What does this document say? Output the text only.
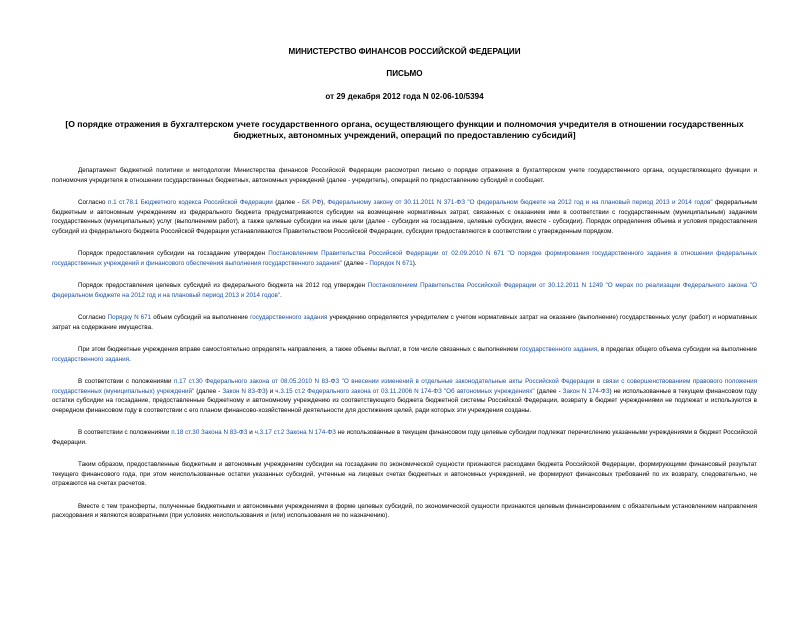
МИНИСТЕРСТВО ФИНАНСОВ РОССИЙСКОЙ ФЕДЕРАЦИИ
ПИСЬМО
от 29 декабря 2012 года N 02-06-10/5394
[О порядке отражения в бухгалтерском учете государственного органа, осуществляющего функции и полномочия учредителя в отношении государственных бюджетных, автономных учреждений, операций по предоставлению субсидий]

Департамент бюджетной политики и методологии Министерства финансов Российской Федерации рассмотрел письмо о порядке отражения в бухгалтерском учете государственного органа, осуществляющего функции и полномочия учредителя в отношении государственных бюджетных, автономных учреждений (далее - учредитель), операций по предоставлению субсидий и сообщает.

Согласно п.1 ст.78.1 Бюджетного кодекса Российской Федерации (далее - БК РФ), Федеральному закону от 30.11.2011 N 371-ФЗ "О федеральном бюджете на 2012 год и на плановый период 2013 и 2014 годов" федеральным бюджетным и автономным учреждениям из федерального бюджета предусматриваются субсидии на возмещение нормативных затрат, связанных с оказанием ими в соответствии с государственным (муниципальным) заданием государственных (муниципальных) услуг (выполнением работ), а также целевые субсидии на иные цели (далее - субсидии на госзадание, целевые субсидии, вместе - субсидии). Порядок определения объема и условия предоставления субсидий из федерального бюджета Российской Федерации устанавливаются Правительством Российской Федерации, субсидии предоставляются в соответствии с утвержденным порядком.

Порядок предоставления субсидии на госзадание утвержден Постановлением Правительства Российской Федерации от 02.09.2010 N 671 "О порядке формирования государственного задания в отношении федеральных государственных учреждений и финансового обеспечения выполнения государственного задания" (далее - Порядок N 671).

Порядок предоставления целевых субсидий из федерального бюджета на 2012 год утвержден Постановлением Правительства Российской Федерации от 30.12.2011 N 1249 "О мерах по реализации Федерального закона "О федеральном бюджете на 2012 год и на плановый период 2013 и 2014 годов".

Согласно Порядку N 671 объем субсидий на выполнение государственного задания учреждению определяется учредителем с учетом нормативных затрат на оказание (выполнение) государственных услуг (работ) и нормативных затрат на содержание имущества.

При этом бюджетные учреждения вправе самостоятельно определять направления, а также объемы выплат, в том числе связанных с выполнением государственного задания, в пределах общего объема субсидии на выполнение государственного задания.

В соответствии с положениями п.17 ст.30 Федерального закона от 08.05.2010 N 83-ФЗ "О внесении изменений в отдельные законодательные акты Российской Федерации в связи с совершенствованием правового положения государственных (муниципальных) учреждений" (далее - Закон N 83-ФЗ) и ч.3.15 ст.2 Федерального закона от 03.11.2006 N 174-ФЗ "Об автономных учреждениях" (далее - Закон N 174-ФЗ) не использованные в текущем финансовом году остатки субсидии на госзадание, предоставленные бюджетному и автономному учреждению из соответствующего бюджета бюджетной системы Российской Федерации, возврату в бюджет учреждениями не подлежат и используются в очередном финансовом году в соответствии с его планом финансово-хозяйственной деятельности для достижения целей, ради которых эти учреждения созданы.

В соответствии с положениями п.18 ст.30 Закона N 83-ФЗ и ч.3.17 ст.2 Закона N 174-ФЗ не использованные в текущем финансовом году целевые субсидии подлежат перечислению указанными учреждениями в бюджет Российской Федерации.

Таким образом, предоставленные бюджетным и автономным учреждениям субсидии на госзадание по экономической сущности признаются расходами бюджета Российской Федерации, формирующими финансовый результат текущего финансового года, при этом неиспользованные остатки указанных субсидий, учтенные на лицевых счетах бюджетных и автономных учреждений, не формируют финансовых требований по их возврату, следовательно, не отражаются на счетах расчетов.

Вместе с тем трансферты, полученные бюджетными и автономными учреждениями в форме целевых субсидий, по экономической сущности признаются целевым финансированием с обязательным установлением направления расходования и являются возвратными (при условиях неиспользования и (или) использования не по назначению).
